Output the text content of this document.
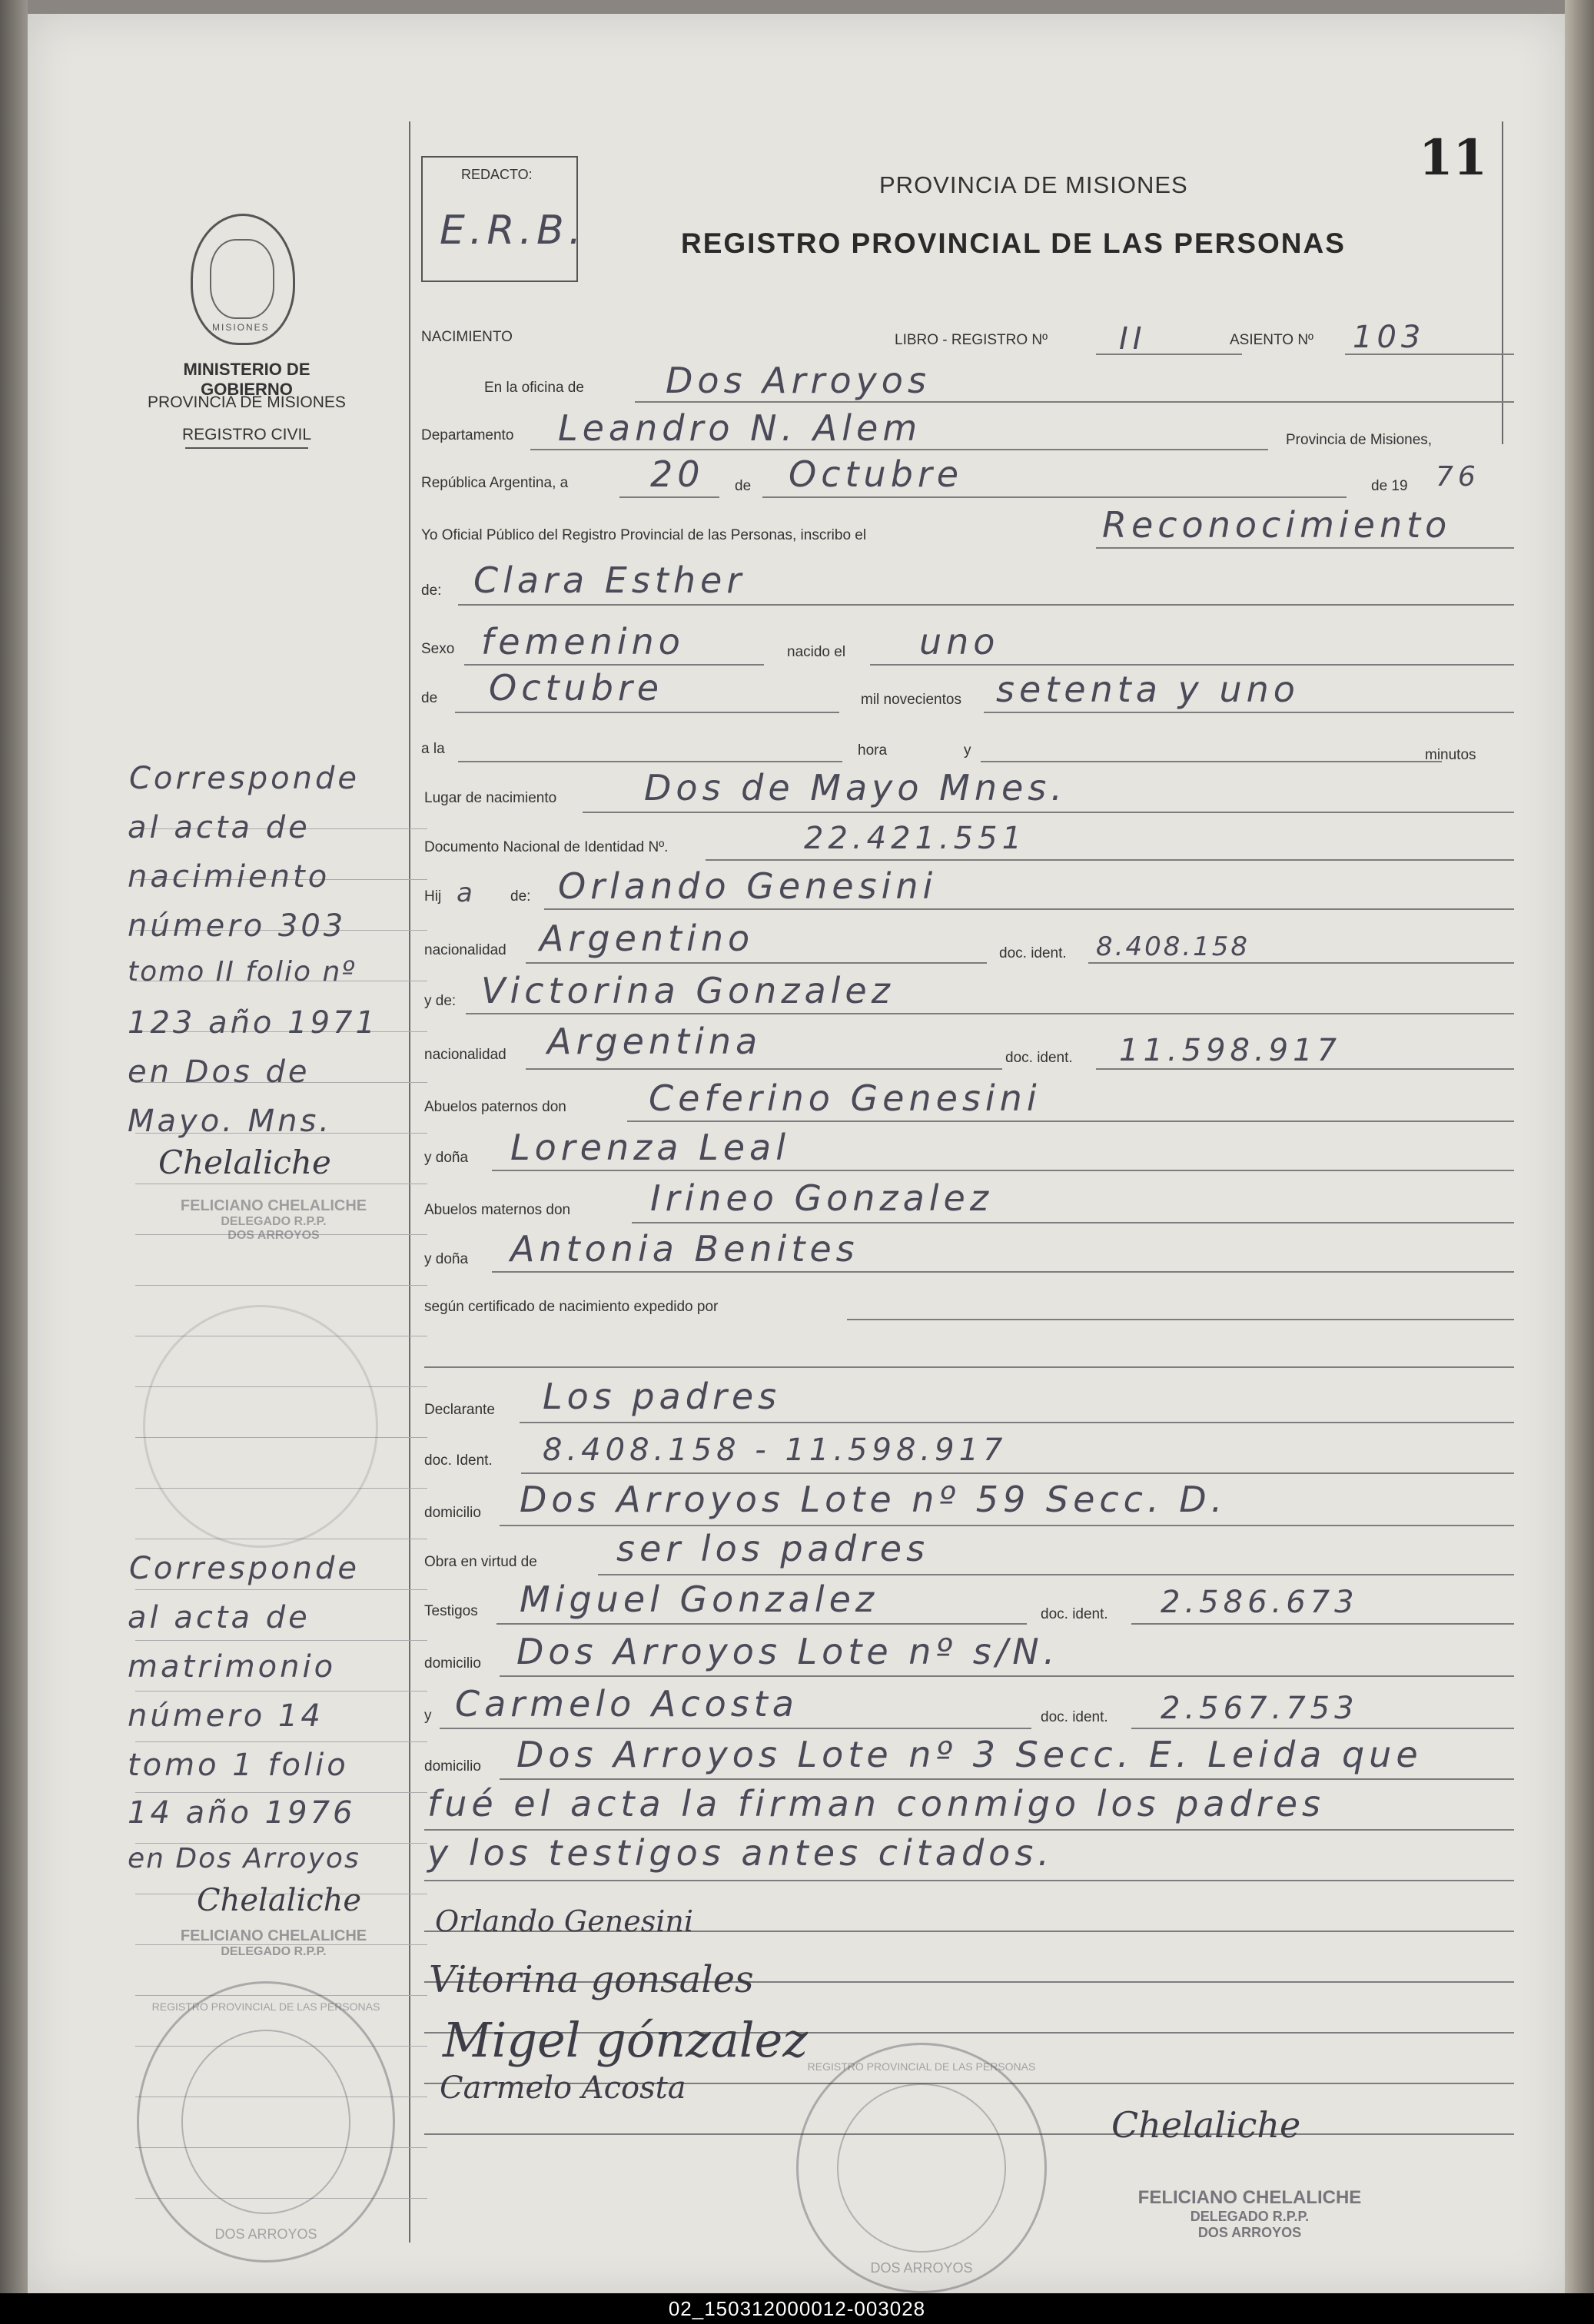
11
REDACTO:
E.R.B.
PROVINCIA DE MISIONES
REGISTRO PROVINCIAL DE LAS PERSONAS
MISIONES
MINISTERIO DE GOBIERNO
PROVINCIA DE MISIONES
REGISTRO CIVIL
NACIMIENTO	LIBRO - REGISTRO Nº II	ASIENTO Nº 103
En la oficina de Dos Arroyos
Departamento Leandro N. Alem	Provincia de Misiones,
República Argentina, a 20 de Octubre	de 19 76
Yo Oficial Público del Registro Provincial de las Personas, inscribo el	Reconocimiento
de: Clara Esther
Sexo femenino	nacido el uno
de Octubre	mil novecientos setenta y uno
a la	hora	y	minutos
Lugar de nacimiento Dos de Mayo Mnes.
Documento Nacional de Identidad Nº.	22.421.551
Hij a de: Orlando Genesini
nacionalidad Argentino	doc. ident. 8.408.158
y de: Victorina Gonzalez
nacionalidad Argentina	doc. ident. 11.598.917
Abuelos paternos don Ceferino Genesini
y doña Lorenza Leal
Abuelos maternos don Irineo Gonzalez
y doña Antonia Benites
según certificado de nacimiento expedido por
Declarante Los padres
doc. Ident. 8.408.158 - 11.598.917
domicilio Dos Arroyos Lote nº 59 Secc. D.
Obra en virtud de ser los padres
Testigos Miguel Gonzalez	doc. ident. 2.586.673
domicilio Dos Arroyos Lote nº s/N.
y Carmelo Acosta	doc. ident. 2.567.753
domicilio Dos Arroyos Lote nº 3 Secc. E. Leida que
fué el acta la firman conmigo los padres
y los testigos antes citados.
Orlando Genesini
Vitorina gonsales
Migel gónzalez
Carmelo Acosta
Chelaliche
FELICIANO CHELALICHE
DELEGADO R.P.P.
DOS ARROYOS
REGISTRO PROVINCIAL DE LAS PERSONAS
DOS ARROYOS
Corresponde
al acta de
nacimiento
número 303
tomo II folio nº
123 año 1971
en Dos de
Mayo. Mns.
Chelaliche
FELICIANO CHELALICHE
DELEGADO R.P.P.
DOS ARROYOS
Corresponde
al acta de
matrimonio
número 14
tomo 1 folio
14 año 1976
en Dos Arroyos
Chelaliche
FELICIANO CHELALICHE
DELEGADO R.P.P.
REGISTRO PROVINCIAL DE LAS PERSONAS
DOS ARROYOS
02_150312000012-003028
